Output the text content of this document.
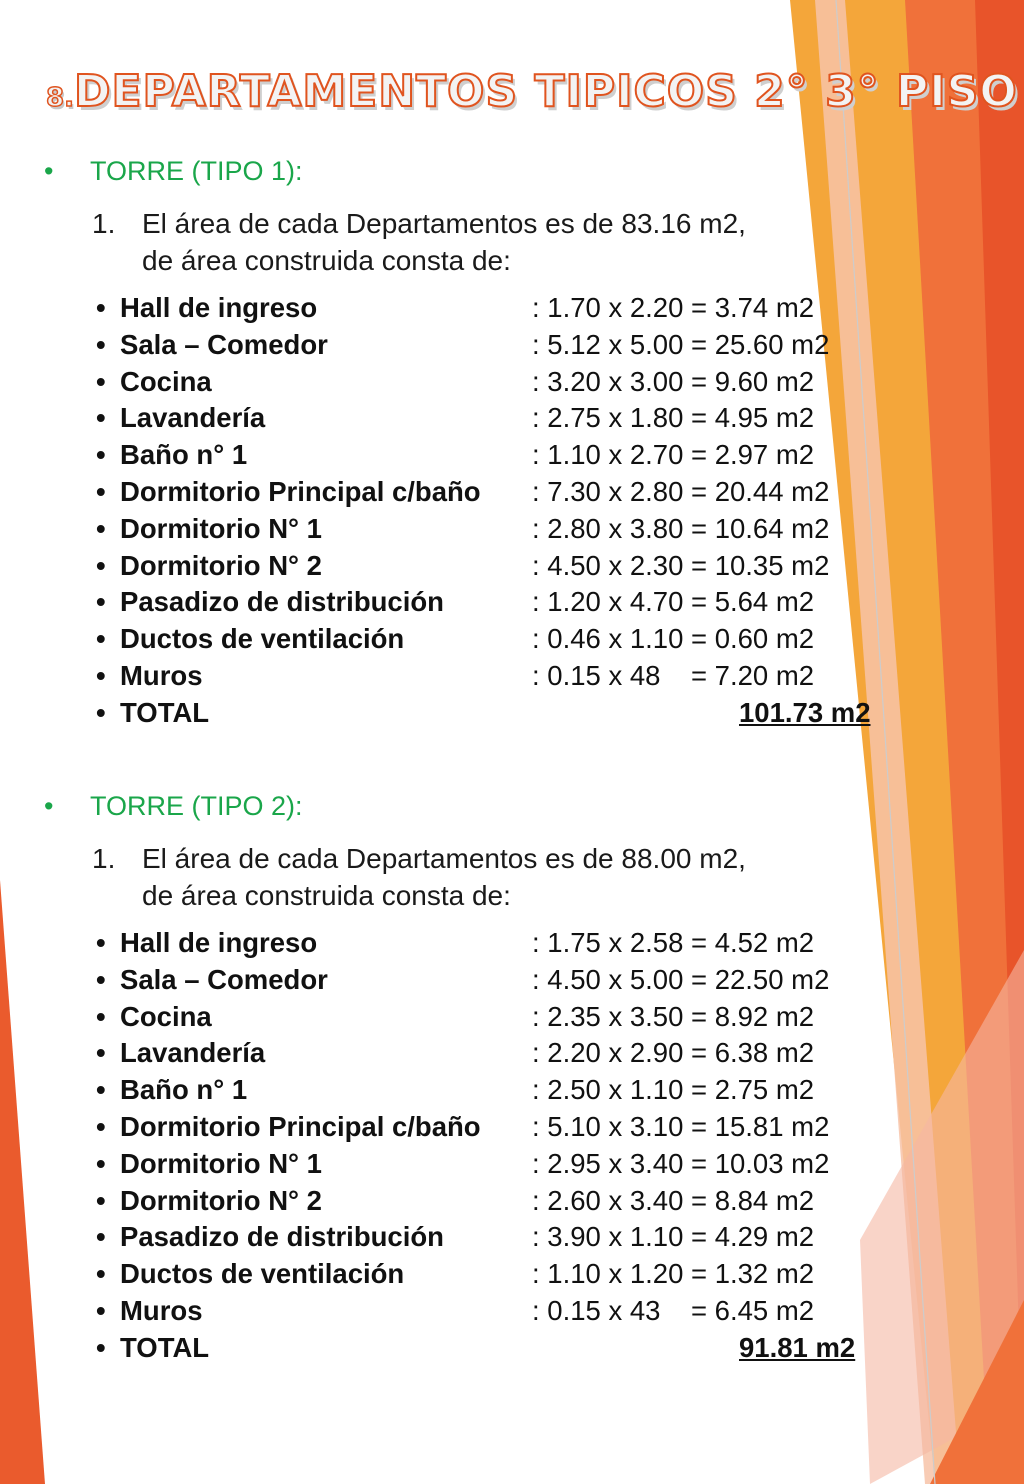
8.DEPARTAMENTOS TIPICOS 2° 3° PISO
• TORRE (TIPO 1):
1. El área de cada Departamentos es de 83.16 m2,
de área construida consta de:
• Hall de ingreso	: 1.70 x 2.20 = 3.74 m2
• Sala – Comedor	: 5.12 x 5.00 = 25.60 m2
• Cocina	: 3.20 x 3.00 = 9.60 m2
• Lavandería	: 2.75 x 1.80 = 4.95 m2
• Baño n° 1	: 1.10 x 2.70 = 2.97 m2
• Dormitorio Principal c/baño : 7.30 x 2.80 = 20.44 m2
• Dormitorio N° 1	: 2.80 x 3.80 = 10.64 m2
• Dormitorio N° 2	: 4.50 x 2.30 = 10.35 m2
• Pasadizo de distribución	: 1.20 x 4.70 = 5.64 m2
• Ductos de ventilación	: 0.46 x 1.10 = 0.60 m2
• Muros	: 0.15 x 48    = 7.20 m2
• TOTAL	101.73 m2
• TORRE (TIPO 2):
1. El área de cada Departamentos es de 88.00 m2,
de área construida consta de:
• Hall de ingreso	: 1.75 x 2.58 = 4.52 m2
• Sala – Comedor	: 4.50 x 5.00 = 22.50 m2
• Cocina	: 2.35 x 3.50 = 8.92 m2
• Lavandería	: 2.20 x 2.90 = 6.38 m2
• Baño n° 1	: 2.50 x 1.10 = 2.75 m2
• Dormitorio Principal c/baño : 5.10 x 3.10 = 15.81 m2
• Dormitorio N° 1	: 2.95 x 3.40 = 10.03 m2
• Dormitorio N° 2	: 2.60 x 3.40 = 8.84 m2
• Pasadizo de distribución	: 3.90 x 1.10 = 4.29 m2
• Ductos de ventilación	: 1.10 x 1.20 = 1.32 m2
• Muros	: 0.15 x 43    = 6.45 m2
• TOTAL	91.81 m2
